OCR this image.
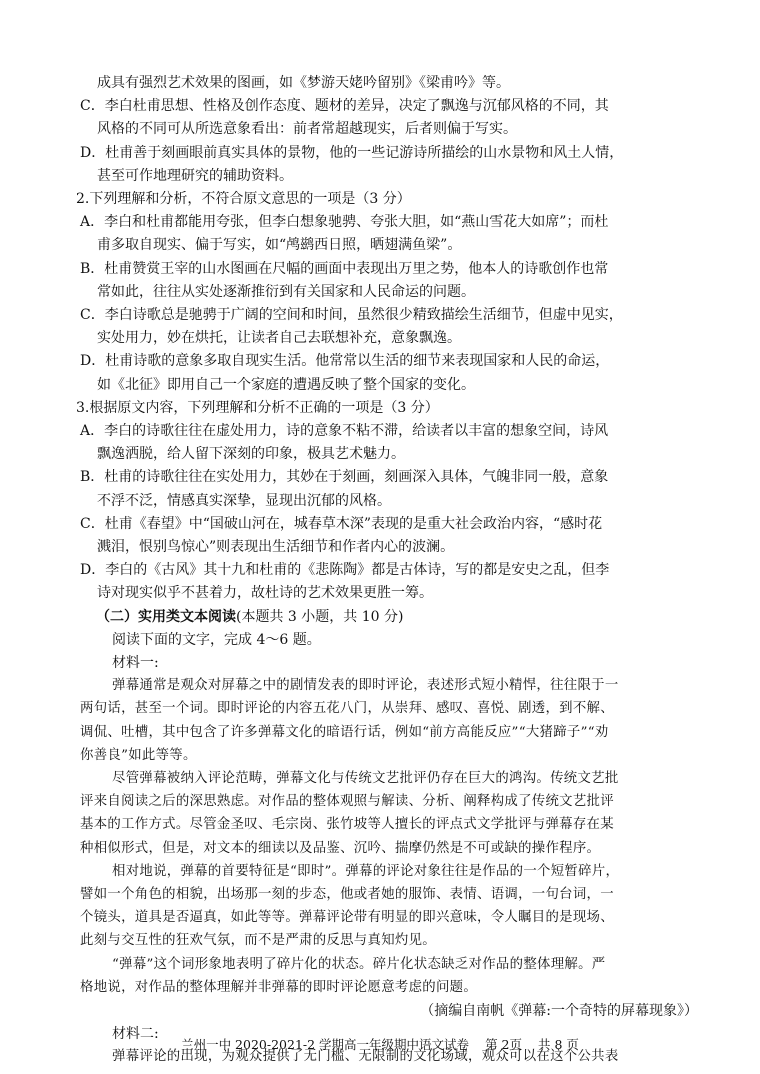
成具有强烈艺术效果的图画，如《梦游天姥吟留别》《梁甫吟》等。
C．李白杜甫思想、性格及创作态度、题材的差异，决定了飘逸与沉郁风格的不同，其
风格的不同可从所选意象看出：前者常超越现实，后者则偏于写实。
D．杜甫善于刻画眼前真实具体的景物，他的一些记游诗所描绘的山水景物和风土人情，
甚至可作地理研究的辅助资料。
2.下列理解和分析，不符合原文意思的一项是（3 分）
A．李白和杜甫都能用夸张，但李白想象驰骋、夸张大胆，如“燕山雪花大如席”；而杜
甫多取自现实、偏于写实，如“鸬鹚西日照，晒翅满鱼梁”。
B．杜甫赞赏王宰的山水图画在尺幅的画面中表现出万里之势，他本人的诗歌创作也常
常如此，往往从实处逐渐推衍到有关国家和人民命运的问题。
C．李白诗歌总是驰骋于广阔的空间和时间，虽然很少精致描绘生活细节，但虚中见实，
实处用力，妙在烘托，让读者自己去联想补充，意象飘逸。
D．杜甫诗歌的意象多取自现实生活。他常常以生活的细节来表现国家和人民的命运，
如《北征》即用自己一个家庭的遭遇反映了整个国家的变化。
3.根据原文内容，下列理解和分析不正确的一项是（3 分）
A．李白的诗歌往往在虚处用力，诗的意象不粘不滞，给读者以丰富的想象空间，诗风
飘逸洒脱，给人留下深刻的印象，极具艺术魅力。
B．杜甫的诗歌往往在实处用力，其妙在于刻画，刻画深入具体，气魄非同一般，意象
不浮不泛，情感真实深挚，显现出沉郁的风格。
C．杜甫《春望》中“国破山河在，城春草木深”表现的是重大社会政治内容，“感时花
溅泪，恨别鸟惊心”则表现出生活细节和作者内心的波澜。
D．李白的《古风》其十九和杜甫的《悲陈陶》都是古体诗，写的都是安史之乱，但李
诗对现实似乎不甚着力，故杜诗的艺术效果更胜一筹。
（二）实用类文本阅读(本题共 3 小题，共 10 分)
阅读下面的文字，完成 4～6 题。
材料一:
弹幕通常是观众对屏幕之中的剧情发表的即时评论，表述形式短小精悍，往往限于一
两句话，甚至一个词。即时评论的内容五花八门，从崇拜、感叹、喜悦、剧透，到不解、
调侃、吐槽，其中包含了许多弹幕文化的暗语行话，例如“前方高能反应”“大猪蹄子”“劝
你善良”如此等等。
尽管弹幕被纳入评论范畴，弹幕文化与传统文艺批评仍存在巨大的鸿沟。传统文艺批
评来自阅读之后的深思熟虑。对作品的整体观照与解读、分析、阐释构成了传统文艺批评
基本的工作方式。尽管金圣叹、毛宗岗、张竹坡等人擅长的评点式文学批评与弹幕存在某
种相似形式，但是，对文本的细读以及品鉴、沉吟、揣摩仍然是不可或缺的操作程序。
相对地说，弹幕的首要特征是“即时”。弹幕的评论对象往往是作品的一个短暂碎片，
譬如一个角色的相貌，出场那一刻的步态，他或者她的服饰、表情、语调，一句台词，一
个镜头，道具是否逼真，如此等等。弹幕评论带有明显的即兴意味，令人瞩目的是现场、
此刻与交互性的狂欢气氛，而不是严肃的反思与真知灼见。
“弹幕”这个词形象地表明了碎片化的状态。碎片化状态缺乏对作品的整体理解。严
格地说，对作品的整体理解并非弹幕的即时评论愿意考虑的问题。
（摘编自南帆《弹幕:一个奇特的屏幕现象》）
材料二:
弹幕评论的出现，为观众提供了无门槛、无限制的文化场域，观众可以在这个公共表
兰州一中 2020-2021-2 学期高一年级期中语文试卷 第 2页 共 8 页
